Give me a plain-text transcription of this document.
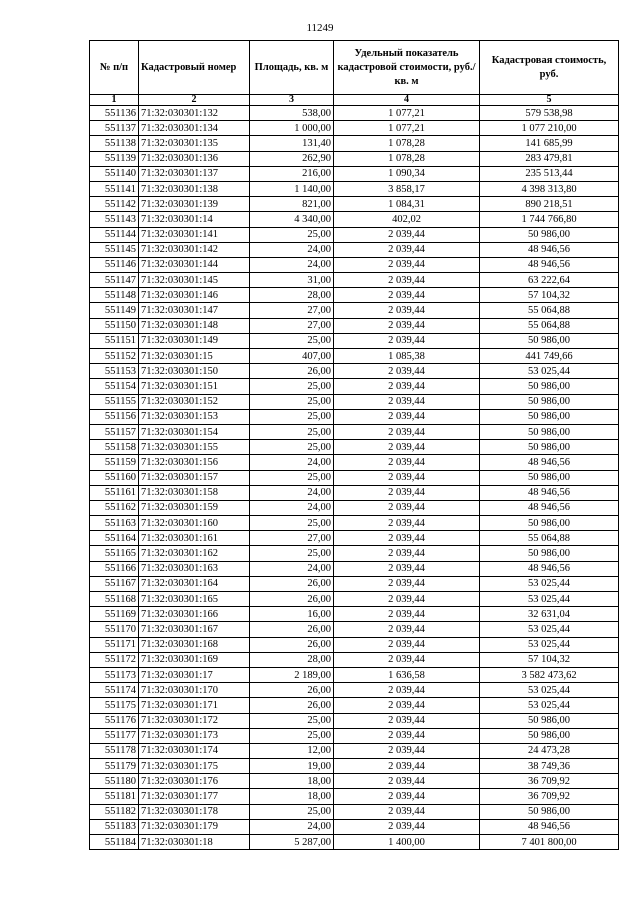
11249
№ п/п	Кадастровый номер	Площадь, кв. м	Удельный показатель кадастровой стоимости, руб./кв. м	Кадастровая стоимость, руб.
1	2	3	4	5
551136	71:32:030301:132	538,00	1 077,21	579 538,98
551137	71:32:030301:134	1 000,00	1 077,21	1 077 210,00
551138	71:32:030301:135	131,40	1 078,28	141 685,99
551139	71:32:030301:136	262,90	1 078,28	283 479,81
551140	71:32:030301:137	216,00	1 090,34	235 513,44
551141	71:32:030301:138	1 140,00	3 858,17	4 398 313,80
551142	71:32:030301:139	821,00	1 084,31	890 218,51
551143	71:32:030301:14	4 340,00	402,02	1 744 766,80
551144	71:32:030301:141	25,00	2 039,44	50 986,00
551145	71:32:030301:142	24,00	2 039,44	48 946,56
551146	71:32:030301:144	24,00	2 039,44	48 946,56
551147	71:32:030301:145	31,00	2 039,44	63 222,64
551148	71:32:030301:146	28,00	2 039,44	57 104,32
551149	71:32:030301:147	27,00	2 039,44	55 064,88
551150	71:32:030301:148	27,00	2 039,44	55 064,88
551151	71:32:030301:149	25,00	2 039,44	50 986,00
551152	71:32:030301:15	407,00	1 085,38	441 749,66
551153	71:32:030301:150	26,00	2 039,44	53 025,44
551154	71:32:030301:151	25,00	2 039,44	50 986,00
551155	71:32:030301:152	25,00	2 039,44	50 986,00
551156	71:32:030301:153	25,00	2 039,44	50 986,00
551157	71:32:030301:154	25,00	2 039,44	50 986,00
551158	71:32:030301:155	25,00	2 039,44	50 986,00
551159	71:32:030301:156	24,00	2 039,44	48 946,56
551160	71:32:030301:157	25,00	2 039,44	50 986,00
551161	71:32:030301:158	24,00	2 039,44	48 946,56
551162	71:32:030301:159	24,00	2 039,44	48 946,56
551163	71:32:030301:160	25,00	2 039,44	50 986,00
551164	71:32:030301:161	27,00	2 039,44	55 064,88
551165	71:32:030301:162	25,00	2 039,44	50 986,00
551166	71:32:030301:163	24,00	2 039,44	48 946,56
551167	71:32:030301:164	26,00	2 039,44	53 025,44
551168	71:32:030301:165	26,00	2 039,44	53 025,44
551169	71:32:030301:166	16,00	2 039,44	32 631,04
551170	71:32:030301:167	26,00	2 039,44	53 025,44
551171	71:32:030301:168	26,00	2 039,44	53 025,44
551172	71:32:030301:169	28,00	2 039,44	57 104,32
551173	71:32:030301:17	2 189,00	1 636,58	3 582 473,62
551174	71:32:030301:170	26,00	2 039,44	53 025,44
551175	71:32:030301:171	26,00	2 039,44	53 025,44
551176	71:32:030301:172	25,00	2 039,44	50 986,00
551177	71:32:030301:173	25,00	2 039,44	50 986,00
551178	71:32:030301:174	12,00	2 039,44	24 473,28
551179	71:32:030301:175	19,00	2 039,44	38 749,36
551180	71:32:030301:176	18,00	2 039,44	36 709,92
551181	71:32:030301:177	18,00	2 039,44	36 709,92
551182	71:32:030301:178	25,00	2 039,44	50 986,00
551183	71:32:030301:179	24,00	2 039,44	48 946,56
551184	71:32:030301:18	5 287,00	1 400,00	7 401 800,00
